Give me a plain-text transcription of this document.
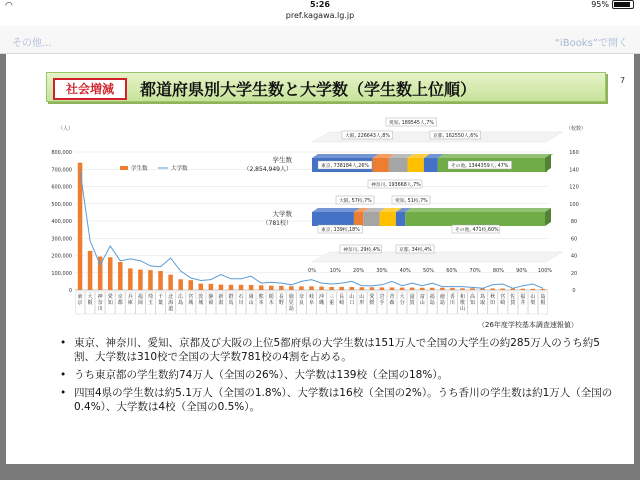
◠	5:26	95%
pref.kagawa.lg.jp
その他...	“iBooks”で開く
7
社会増減	都道府県別大学生数と大学数（学生数上位順）
（人）
0
100,000
200,000
300,000
400,000
500,000
600,000
700,000
800,000
東京
大阪
神奈川
愛知
京都
兵庫
福岡
埼玉
千葉
北海道
広島
宮城
茨城
静岡
新潟
群馬
石川
岡山
熊本
栃木
長野
鹿児島
奈良
岐阜
沖縄
三重
長崎
山口
山形
愛媛
岩手
青森
大分
滋賀
富山
福島
徳島
香川
和歌山
高知
鳥取
秋田
宮崎
佐賀
福井
山梨
島根
（校数）
0
20
40
60
80
100
120
140
160
学生数	大学数
学生数
（2,854,949人）
大学数
（781校）
東京, 738184人,26%
大阪, 226643人,8%
愛知, 189545人,7%
京都, 162550人,6%
その他, 1344359人, 47%
神奈川, 193668人,7%
東京, 139校,18%
大阪, 57校,7%	愛知, 51校,7%
その他, 471校,60%
神奈川, 29校,4%	京都, 34校,4%
0%	10% 20% 30% 40% 50% 60% 70% 80% 90% 100%
（26年度学校基本調査速報値）
• 東京、神奈川、愛知、京都及び大阪の上位5都府県の大学生数は151万人で全国の大学生の約285万人のうち約5割、大学数は310校で全国の大学数781校の4割を占める。
• うち東京都の学生数約74万人（全国の26%）、大学数は139校（全国の18%）。
• 四国4県の学生数は約5.1万人（全国の1.8%）、大学数は16校（全国の2%）。うち香川の学生数は約1万人（全国の0.4%）、大学数は4校（全国の0.5%）。
